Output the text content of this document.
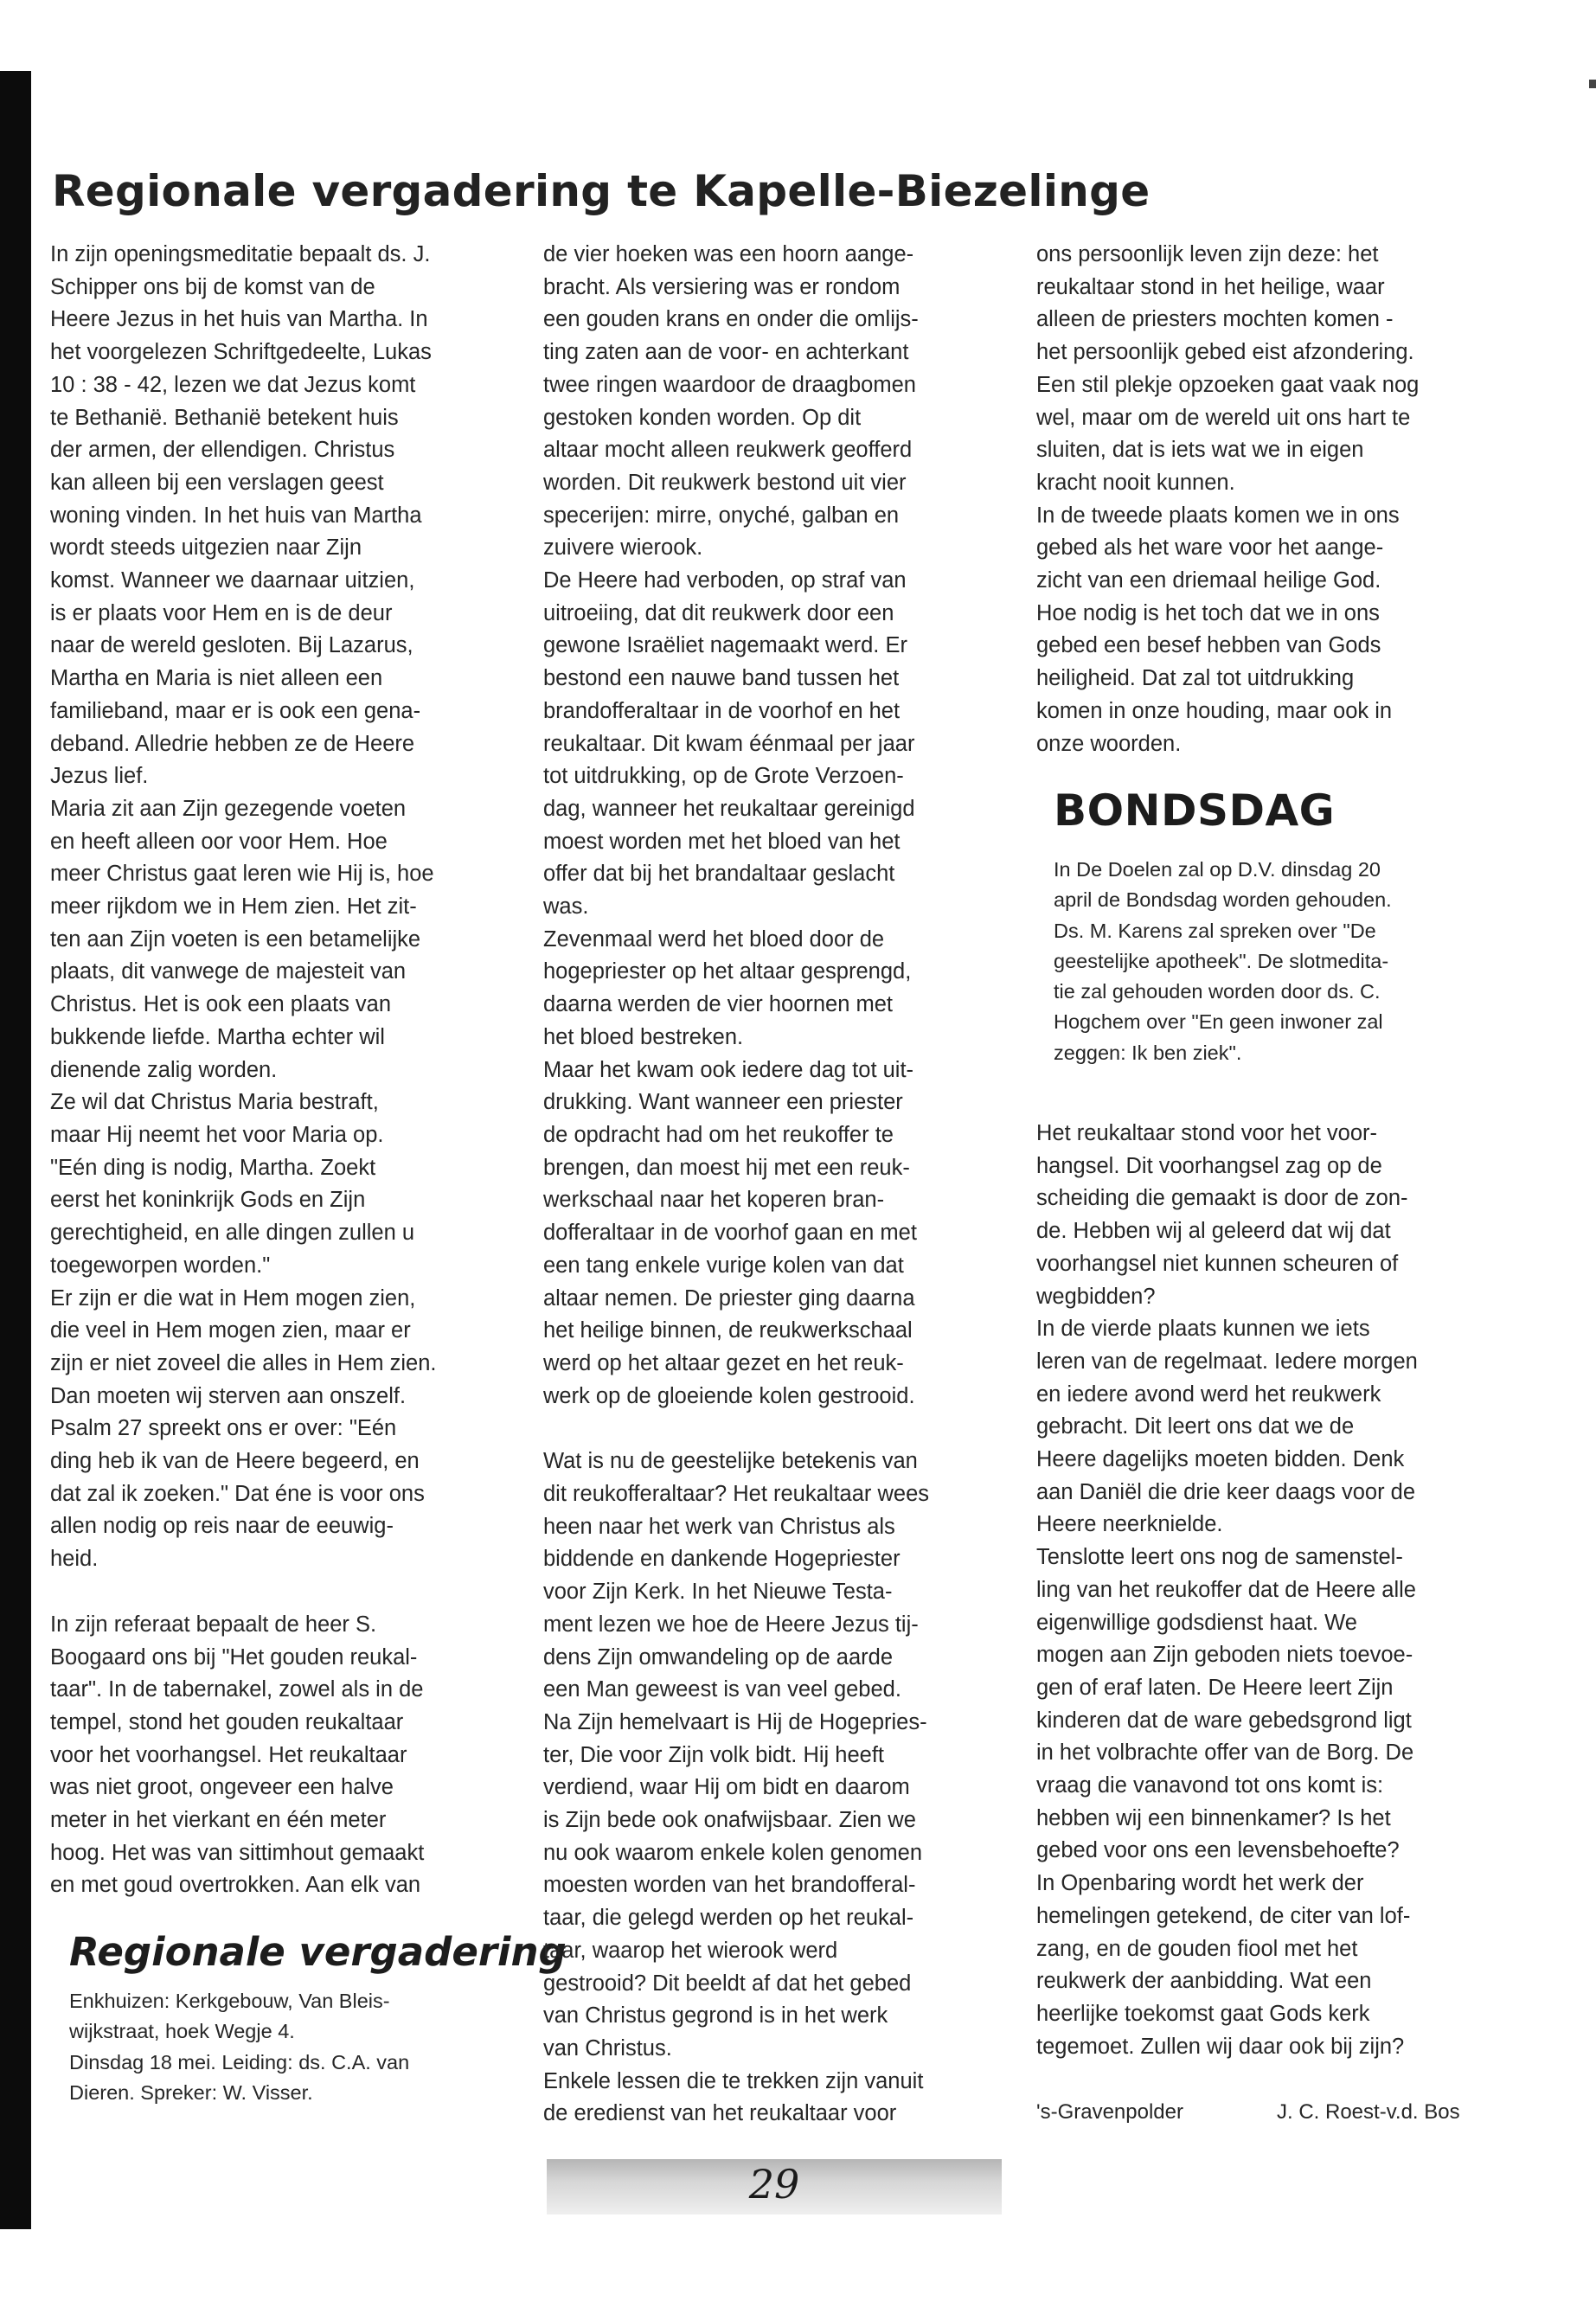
Regionale vergadering te Kapelle-Biezelinge

In zijn openingsmeditatie bepaalt ds. J.
Schipper ons bij de komst van de
Heere Jezus in het huis van Martha. In
het voorgelezen Schriftgedeelte, Lukas
10 : 38 - 42, lezen we dat Jezus komt
te Bethanië. Bethanië betekent huis
der armen, der ellendigen. Christus
kan alleen bij een verslagen geest
woning vinden. In het huis van Martha
wordt steeds uitgezien naar Zijn
komst. Wanneer we daarnaar uitzien,
is er plaats voor Hem en is de deur
naar de wereld gesloten. Bij Lazarus,
Martha en Maria is niet alleen een
familieband, maar er is ook een gena-
deband. Alledrie hebben ze de Heere
Jezus lief.

Maria zit aan Zijn gezegende voeten
en heeft alleen oor voor Hem. Hoe
meer Christus gaat leren wie Hij is, hoe
meer rijkdom we in Hem zien. Het zit-
ten aan Zijn voeten is een betamelijke
plaats, dit vanwege de majesteit van
Christus. Het is ook een plaats van
bukkende liefde. Martha echter wil
dienende zalig worden.

Ze wil dat Christus Maria bestraft,
maar Hij neemt het voor Maria op.
"Eén ding is nodig, Martha. Zoekt
eerst het koninkrijk Gods en Zijn
gerechtigheid, en alle dingen zullen u
toegeworpen worden."

Er zijn er die wat in Hem mogen zien,
die veel in Hem mogen zien, maar er
zijn er niet zoveel die alles in Hem zien.
Dan moeten wij sterven aan onszelf.
Psalm 27 spreekt ons er over: "Eén
ding heb ik van de Heere begeerd, en
dat zal ik zoeken." Dat éne is voor ons
allen nodig op reis naar de eeuwig-
heid.

In zijn referaat bepaalt de heer S.
Boogaard ons bij "Het gouden reukal-
taar". In de tabernakel, zowel als in de
tempel, stond het gouden reukaltaar
voor het voorhangsel. Het reukaltaar
was niet groot, ongeveer een halve
meter in het vierkant en één meter
hoog. Het was van sittimhout gemaakt
en met goud overtrokken. Aan elk van

Regionale vergadering

Enkhuizen: Kerkgebouw, Van Bleis-
wijkstraat, hoek Wegje 4.
Dinsdag 18 mei. Leiding: ds. C.A. van
Dieren. Spreker: W. Visser.

de vier hoeken was een hoorn aange-
bracht. Als versiering was er rondom
een gouden krans en onder die omlijs-
ting zaten aan de voor- en achterkant
twee ringen waardoor de draagbomen
gestoken konden worden. Op dit
altaar mocht alleen reukwerk geofferd
worden. Dit reukwerk bestond uit vier
specerijen: mirre, onyché, galban en
zuivere wierook.

De Heere had verboden, op straf van
uitroeiing, dat dit reukwerk door een
gewone Israëliet nagemaakt werd. Er
bestond een nauwe band tussen het
brandofferaltaar in de voorhof en het
reukaltaar. Dit kwam éénmaal per jaar
tot uitdrukking, op de Grote Verzoen-
dag, wanneer het reukaltaar gereinigd
moest worden met het bloed van het
offer dat bij het brandaltaar geslacht
was.

Zevenmaal werd het bloed door de
hogepriester op het altaar gesprengd,
daarna werden de vier hoornen met
het bloed bestreken.

Maar het kwam ook iedere dag tot uit-
drukking. Want wanneer een priester
de opdracht had om het reukoffer te
brengen, dan moest hij met een reuk-
werkschaal naar het koperen bran-
dofferaltaar in de voorhof gaan en met
een tang enkele vurige kolen van dat
altaar nemen. De priester ging daarna
het heilige binnen, de reukwerkschaal
werd op het altaar gezet en het reuk-
werk op de gloeiende kolen gestrooid.

Wat is nu de geestelijke betekenis van
dit reukofferaltaar? Het reukaltaar wees
heen naar het werk van Christus als
biddende en dankende Hogepriester
voor Zijn Kerk. In het Nieuwe Testa-
ment lezen we hoe de Heere Jezus tij-
dens Zijn omwandeling op de aarde
een Man geweest is van veel gebed.
Na Zijn hemelvaart is Hij de Hogepries-
ter, Die voor Zijn volk bidt. Hij heeft
verdiend, waar Hij om bidt en daarom
is Zijn bede ook onafwijsbaar. Zien we
nu ook waarom enkele kolen genomen
moesten worden van het brandofferal-
taar, die gelegd werden op het reukal-
taar, waarop het wierook werd
gestrooid? Dit beeldt af dat het gebed
van Christus gegrond is in het werk
van Christus.

Enkele lessen die te trekken zijn vanuit
de eredienst van het reukaltaar voor

ons persoonlijk leven zijn deze: het
reukaltaar stond in het heilige, waar
alleen de priesters mochten komen -
het persoonlijk gebed eist afzondering.
Een stil plekje opzoeken gaat vaak nog
wel, maar om de wereld uit ons hart te
sluiten, dat is iets wat we in eigen
kracht nooit kunnen.

In de tweede plaats komen we in ons
gebed als het ware voor het aange-
zicht van een driemaal heilige God.
Hoe nodig is het toch dat we in ons
gebed een besef hebben van Gods
heiligheid. Dat zal tot uitdrukking
komen in onze houding, maar ook in
onze woorden.

BONDSDAG

In De Doelen zal op D.V. dinsdag 20
april de Bondsdag worden gehouden.
Ds. M. Karens zal spreken over "De
geestelijke apotheek". De slotmedita-
tie zal gehouden worden door ds. C.
Hogchem over "En geen inwoner zal
zeggen: Ik ben ziek".

Het reukaltaar stond voor het voor-
hangsel. Dit voorhangsel zag op de
scheiding die gemaakt is door de zon-
de. Hebben wij al geleerd dat wij dat
voorhangsel niet kunnen scheuren of
wegbidden?

In de vierde plaats kunnen we iets
leren van de regelmaat. Iedere morgen
en iedere avond werd het reukwerk
gebracht. Dit leert ons dat we de
Heere dagelijks moeten bidden. Denk
aan Daniël die drie keer daags voor de
Heere neerknielde.

Tenslotte leert ons nog de samenstel-
ling van het reukoffer dat de Heere alle
eigenwillige godsdienst haat. We
mogen aan Zijn geboden niets toevoe-
gen of eraf laten. De Heere leert Zijn
kinderen dat de ware gebedsgrond ligt
in het volbrachte offer van de Borg. De
vraag die vanavond tot ons komt is:
hebben wij een binnenkamer? Is het
gebed voor ons een levensbehoefte?
In Openbaring wordt het werk der
hemelingen getekend, de citer van lof-
zang, en de gouden fiool met het
reukwerk der aanbidding. Wat een
heerlijke toekomst gaat Gods kerk
tegemoet. Zullen wij daar ook bij zijn?

's-Gravenpolder	J. C. Roest-v.d. Bos
29
